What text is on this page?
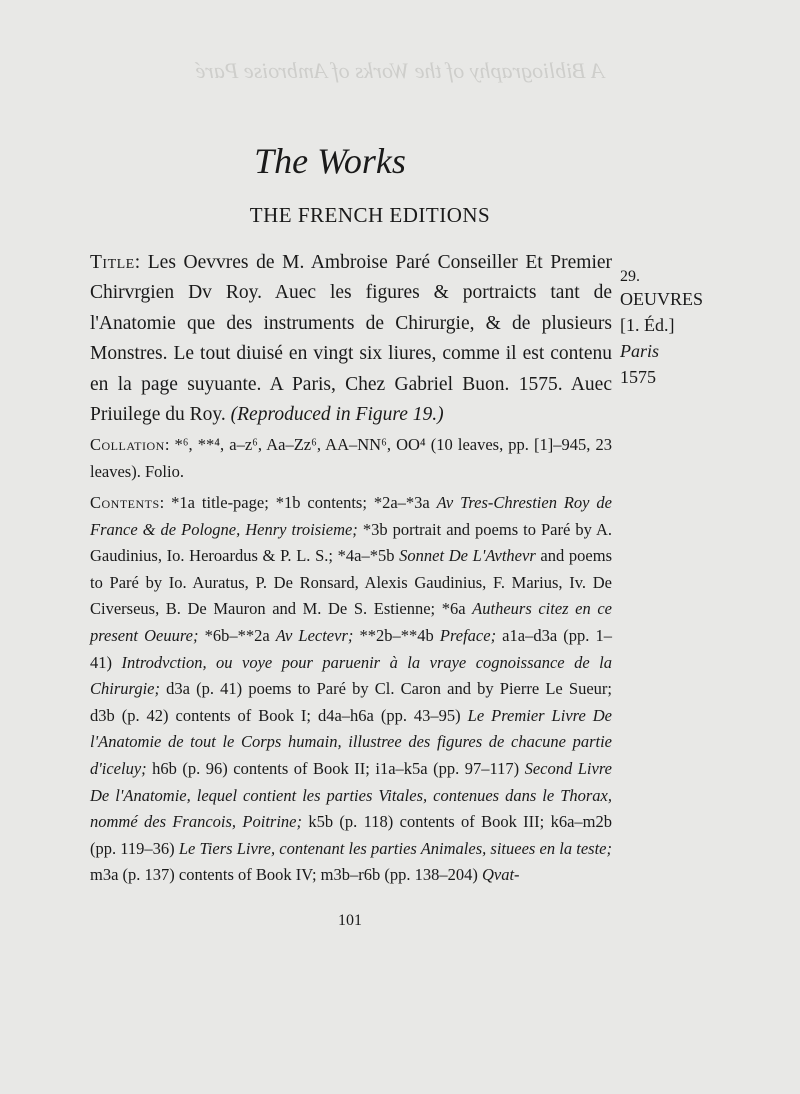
A Bibliography of the Works of Ambroise Paré
The Works
THE FRENCH EDITIONS
Title: Les Oevvres de M. Ambroise Paré Conseiller Et Premier Chirvrgien Dv Roy. Auec les figures & portraicts tant de l'Anatomie que des instruments de Chirurgie, & de plusieurs Monstres. Le tout diuisé en vingt six liures, comme il est contenu en la page suyuante. A Paris, Chez Gabriel Buon. 1575. Auec Priuilege du Roy. (Reproduced in Figure 19.)
29.
OEUVRES
[1. Éd.]
Paris
1575
Collation: *⁶, **⁴, a–z⁶, Aa–Zz⁶, AA–NN⁶, OO⁴ (10 leaves, pp. [1]–945, 23 leaves). Folio.
Contents: *1a title-page; *1b contents; *2a–*3a Av Tres-Chrestien Roy de France & de Pologne, Henry troisieme; *3b portrait and poems to Paré by A. Gaudinius, Io. Heroardus & P. L. S.; *4a–*5b Sonnet De L'Avthevr and poems to Paré by Io. Auratus, P. De Ronsard, Alexis Gaudinius, F. Marius, Iv. De Civerseus, B. De Mauron and M. De S. Estienne; *6a Autheurs citez en ce present Oeuure; *6b–**2a Av Lectevr; **2b–**4b Preface; a1a–d3a (pp. 1–41) Introdvction, ou voye pour paruenir à la vraye cognoissance de la Chirurgie; d3a (p. 41) poems to Paré by Cl. Caron and by Pierre Le Sueur; d3b (p. 42) contents of Book I; d4a–h6a (pp. 43–95) Le Premier Livre De l'Anatomie de tout le Corps humain, illustree des figures de chacune partie d'iceluy; h6b (p. 96) contents of Book II; i1a–k5a (pp. 97–117) Second Livre De l'Anatomie, lequel contient les parties Vitales, contenues dans le Thorax, nommé des Francois, Poitrine; k5b (p. 118) contents of Book III; k6a–m2b (pp. 119–36) Le Tiers Livre, contenant les parties Animales, situees en la teste; m3a (p. 137) contents of Book IV; m3b–r6b (pp. 138–204) Qvat-
101
